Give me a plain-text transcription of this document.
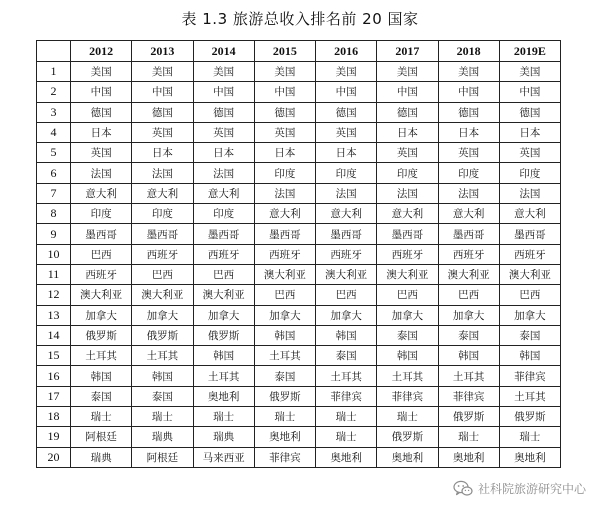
表 1.3 旅游总收入排名前 20 国家
	2012	2013	2014	2015	2016	2017	2018	2019E
1	美国	美国	美国	美国	美国	美国	美国	美国
2	中国	中国	中国	中国	中国	中国	中国	中国
3	德国	德国	德国	德国	德国	德国	德国	德国
4	日本	英国	英国	英国	英国	日本	日本	日本
5	英国	日本	日本	日本	日本	英国	英国	英国
6	法国	法国	法国	印度	印度	印度	印度	印度
7	意大利	意大利	意大利	法国	法国	法国	法国	法国
8	印度	印度	印度	意大利	意大利	意大利	意大利	意大利
9	墨西哥	墨西哥	墨西哥	墨西哥	墨西哥	墨西哥	墨西哥	墨西哥
10	巴西	西班牙	西班牙	西班牙	西班牙	西班牙	西班牙	西班牙
11	西班牙	巴西	巴西	澳大利亚	澳大利亚	澳大利亚	澳大利亚	澳大利亚
12	澳大利亚	澳大利亚	澳大利亚	巴西	巴西	巴西	巴西	巴西
13	加拿大	加拿大	加拿大	加拿大	加拿大	加拿大	加拿大	加拿大
14	俄罗斯	俄罗斯	俄罗斯	韩国	韩国	泰国	泰国	泰国
15	土耳其	土耳其	韩国	土耳其	泰国	韩国	韩国	韩国
16	韩国	韩国	土耳其	泰国	土耳其	土耳其	土耳其	菲律宾
17	泰国	泰国	奥地利	俄罗斯	菲律宾	菲律宾	菲律宾	土耳其
18	瑞士	瑞士	瑞士	瑞士	瑞士	瑞士	俄罗斯	俄罗斯
19	阿根廷	瑞典	瑞典	奥地利	瑞士	俄罗斯	瑞士	瑞士
20	瑞典	阿根廷	马来西亚	菲律宾	奥地利	奥地利	奥地利	奥地利
社科院旅游研究中心
